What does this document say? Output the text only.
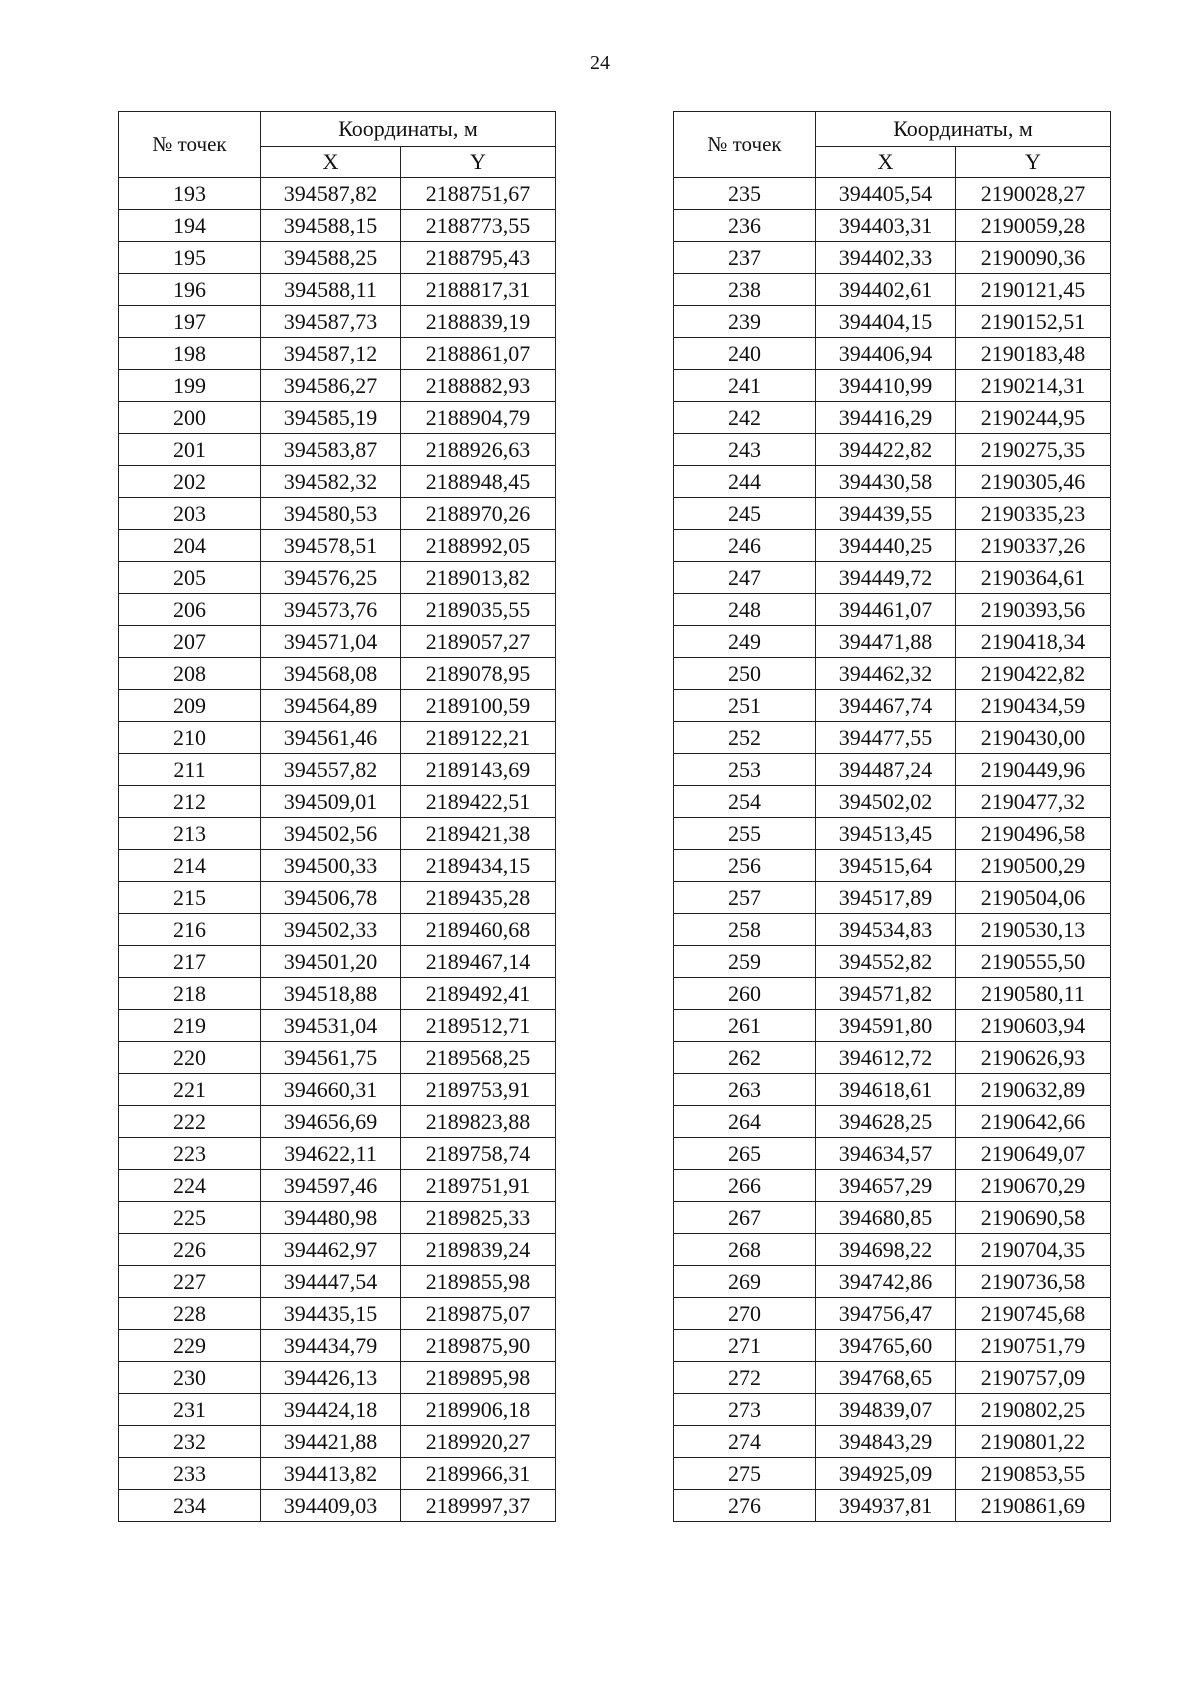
24
№ точек	Координаты, м	
	X	Y
193	394587,82	2188751,67
194	394588,15	2188773,55
195	394588,25	2188795,43
196	394588,11	2188817,31
197	394587,73	2188839,19
198	394587,12	2188861,07
199	394586,27	2188882,93
200	394585,19	2188904,79
201	394583,87	2188926,63
202	394582,32	2188948,45
203	394580,53	2188970,26
204	394578,51	2188992,05
205	394576,25	2189013,82
206	394573,76	2189035,55
207	394571,04	2189057,27
208	394568,08	2189078,95
209	394564,89	2189100,59
210	394561,46	2189122,21
211	394557,82	2189143,69
212	394509,01	2189422,51
213	394502,56	2189421,38
214	394500,33	2189434,15
215	394506,78	2189435,28
216	394502,33	2189460,68
217	394501,20	2189467,14
218	394518,88	2189492,41
219	394531,04	2189512,71
220	394561,75	2189568,25
221	394660,31	2189753,91
222	394656,69	2189823,88
223	394622,11	2189758,74
224	394597,46	2189751,91
225	394480,98	2189825,33
226	394462,97	2189839,24
227	394447,54	2189855,98
228	394435,15	2189875,07
229	394434,79	2189875,90
230	394426,13	2189895,98
231	394424,18	2189906,18
232	394421,88	2189920,27
233	394413,82	2189966,31
234	394409,03	2189997,37
№ точек	Координаты, м	
	X	Y
235	394405,54	2190028,27
236	394403,31	2190059,28
237	394402,33	2190090,36
238	394402,61	2190121,45
239	394404,15	2190152,51
240	394406,94	2190183,48
241	394410,99	2190214,31
242	394416,29	2190244,95
243	394422,82	2190275,35
244	394430,58	2190305,46
245	394439,55	2190335,23
246	394440,25	2190337,26
247	394449,72	2190364,61
248	394461,07	2190393,56
249	394471,88	2190418,34
250	394462,32	2190422,82
251	394467,74	2190434,59
252	394477,55	2190430,00
253	394487,24	2190449,96
254	394502,02	2190477,32
255	394513,45	2190496,58
256	394515,64	2190500,29
257	394517,89	2190504,06
258	394534,83	2190530,13
259	394552,82	2190555,50
260	394571,82	2190580,11
261	394591,80	2190603,94
262	394612,72	2190626,93
263	394618,61	2190632,89
264	394628,25	2190642,66
265	394634,57	2190649,07
266	394657,29	2190670,29
267	394680,85	2190690,58
268	394698,22	2190704,35
269	394742,86	2190736,58
270	394756,47	2190745,68
271	394765,60	2190751,79
272	394768,65	2190757,09
273	394839,07	2190802,25
274	394843,29	2190801,22
275	394925,09	2190853,55
276	394937,81	2190861,69
